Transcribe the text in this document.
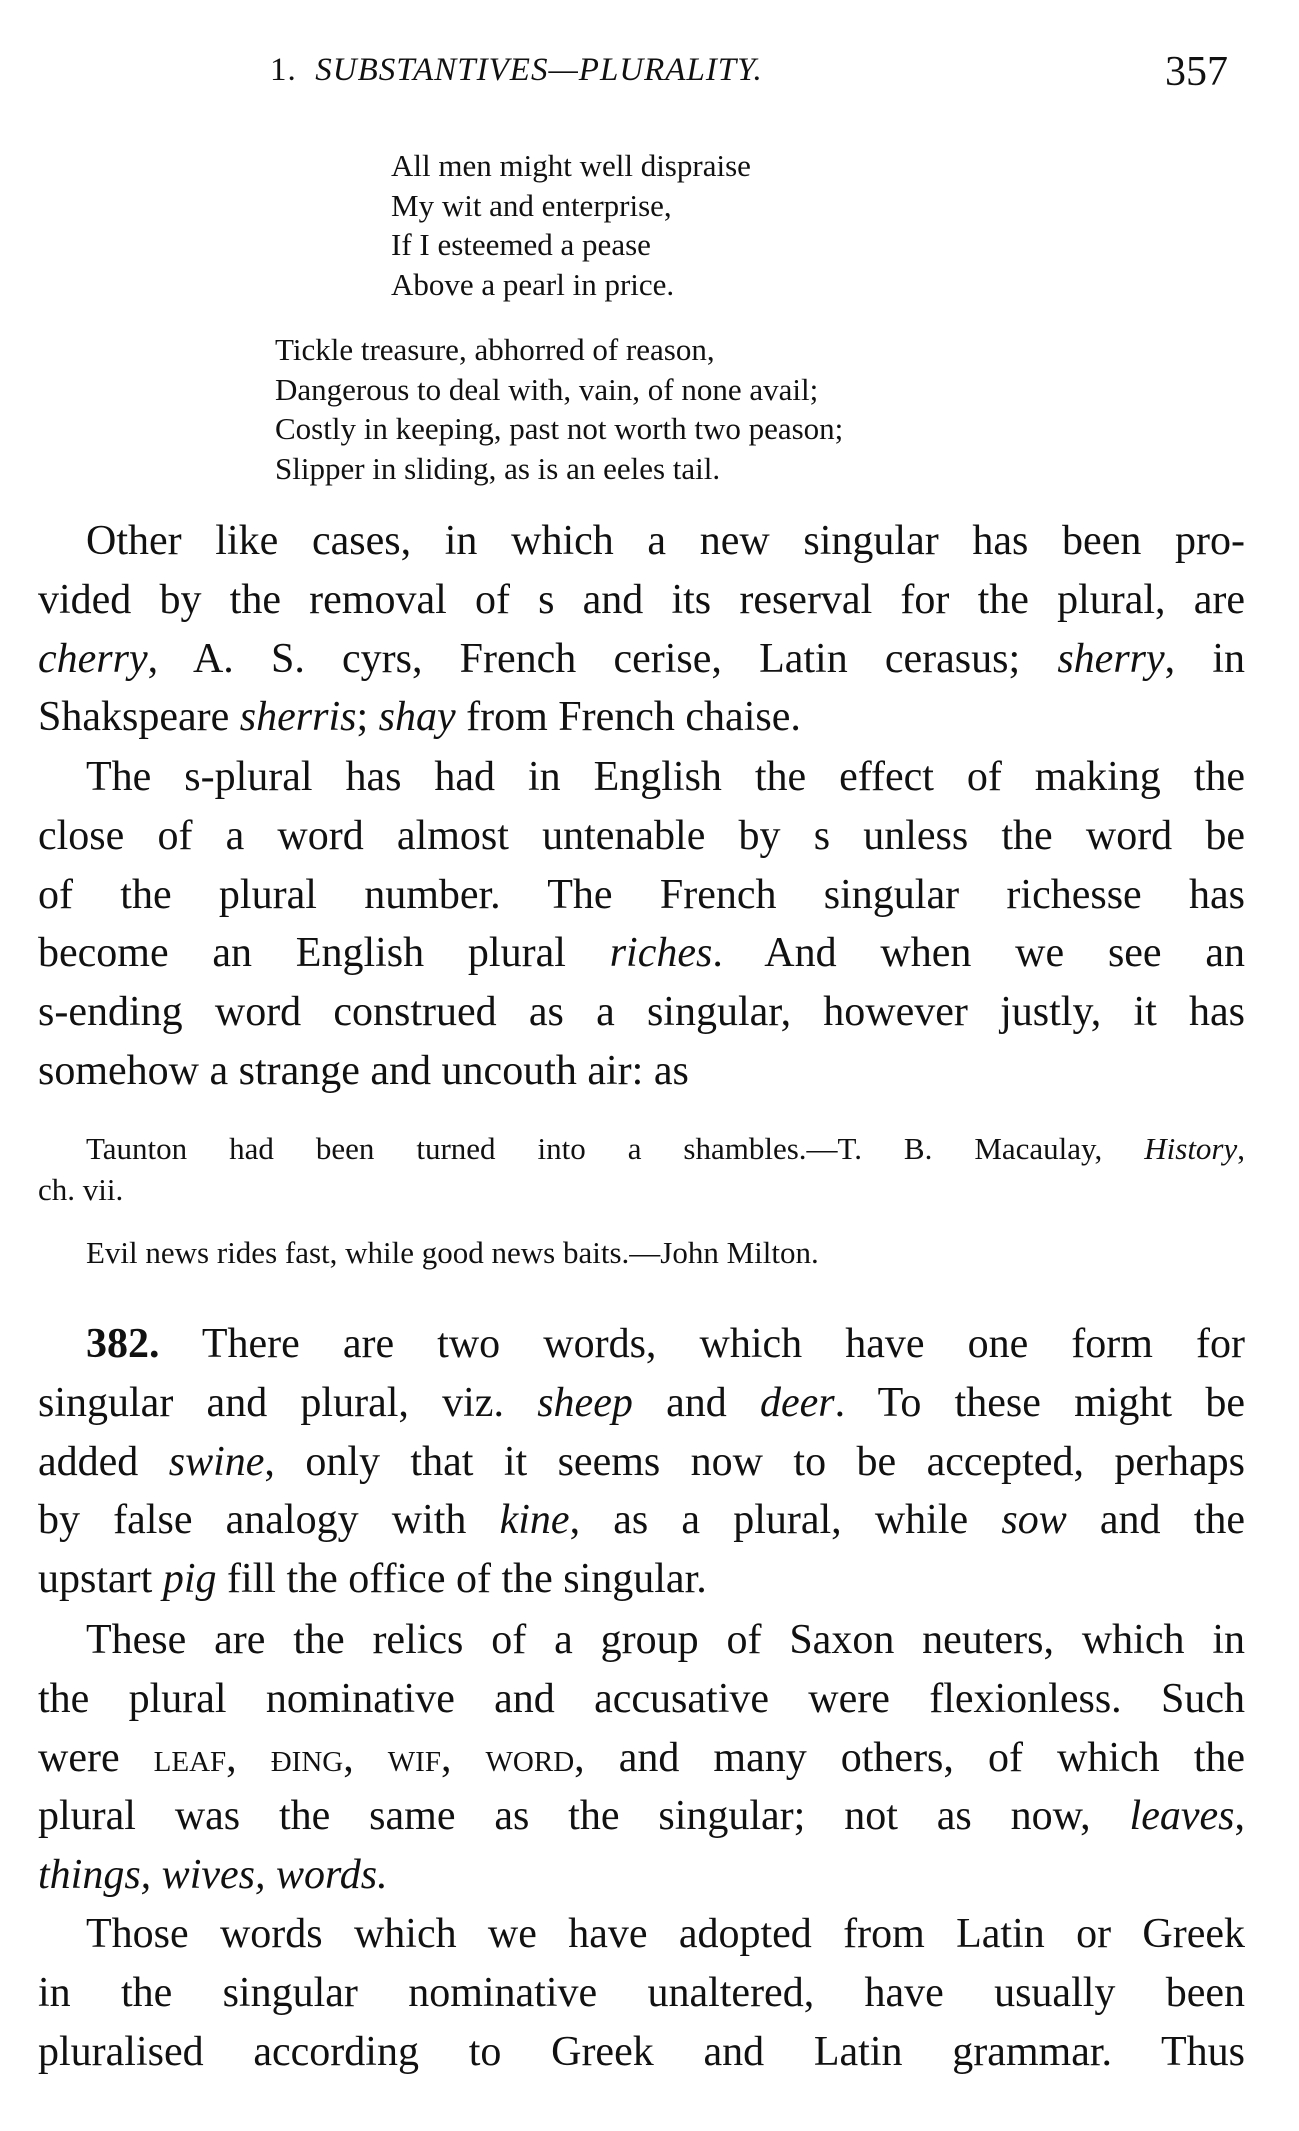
1. SUBSTANTIVES—PLURALITY.	357
All men might well dispraise
My wit and enterprise,
If I esteemed a pease
Above a pearl in price.
Tickle treasure, abhorred of reason,
Dangerous to deal with, vain, of none avail;
Costly in keeping, past not worth two peason;
Slipper in sliding, as is an eeles tail.
Other like cases, in which a new singular has been pro-
vided by the removal of s and its reserval for the plural, are
cherry, A. S. cyrs, French cerise, Latin cerasus; sherry, in
Shakspeare sherris; shay from French chaise.
The s-plural has had in English the effect of making the
close of a word almost untenable by s unless the word be
of the plural number. The French singular richesse has
become an English plural riches. And when we see an
s-ending word construed as a singular, however justly, it has
somehow a strange and uncouth air: as
Taunton had been turned into a shambles.—T. B. Macaulay, History,
ch. vii.
Evil news rides fast, while good news baits.—John Milton.
382. There are two words, which have one form for
singular and plural, viz. sheep and deer. To these might be
added swine, only that it seems now to be accepted, perhaps
by false analogy with kine, as a plural, while sow and the
upstart pig fill the office of the singular.
These are the relics of a group of Saxon neuters, which in
the plural nominative and accusative were flexionless. Such
were leaf, ðing, wif, word, and many others, of which the
plural was the same as the singular; not as now, leaves,
things, wives, words.
Those words which we have adopted from Latin or Greek
in the singular nominative unaltered, have usually been
pluralised according to Greek and Latin grammar. Thus
